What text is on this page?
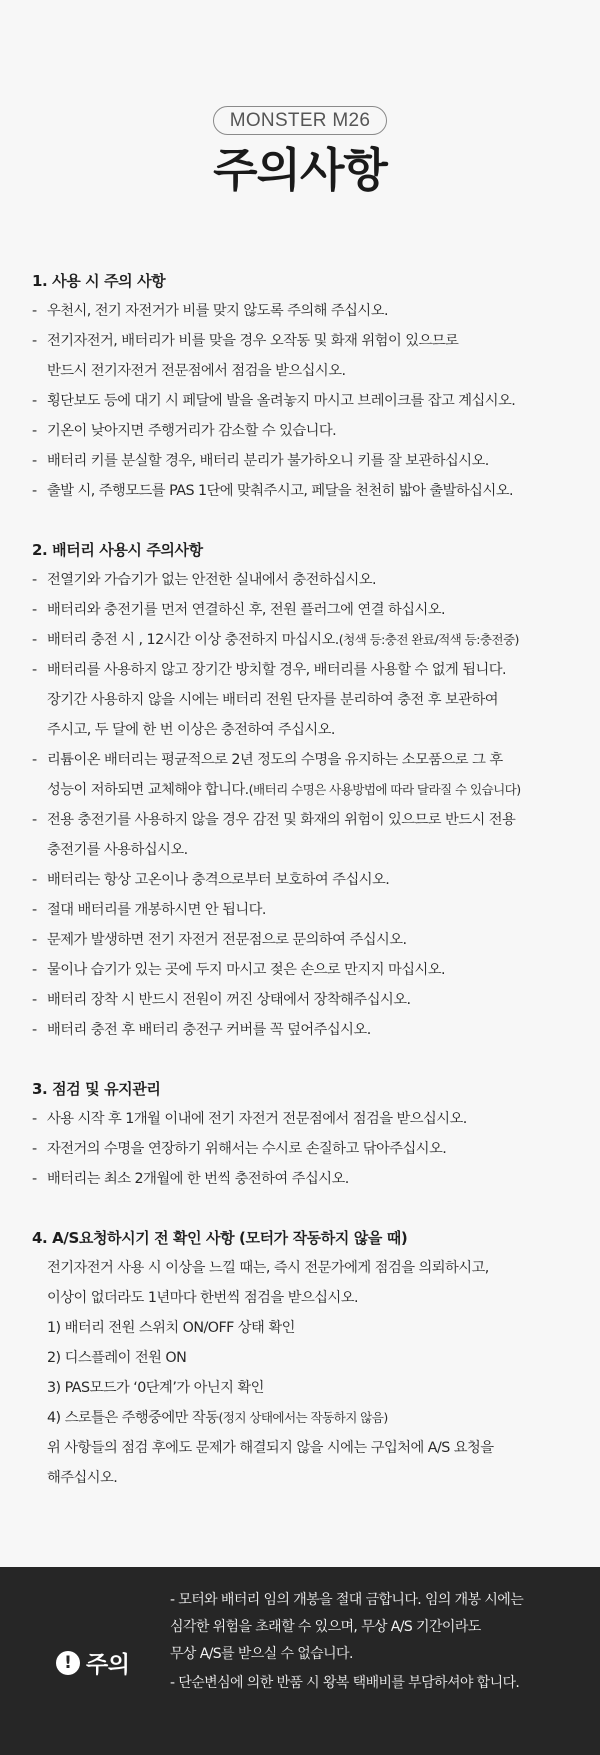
MONSTER M26
주의사항
1. 사용 시 주의 사항
- 우천시, 전기 자전거가 비를 맞지 않도록 주의해 주십시오.
- 전기자전거, 배터리가 비를 맞을 경우 오작동 및 화재 위험이 있으므로
반드시 전기자전거 전문점에서 점검을 받으십시오.
- 횡단보도 등에 대기 시 페달에 발을 올려놓지 마시고 브레이크를 잡고 계십시오.
- 기온이 낮아지면 주행거리가 감소할 수 있습니다.
- 배터리 키를 분실할 경우, 배터리 분리가 불가하오니 키를 잘 보관하십시오.
- 출발 시, 주행모드를 PAS 1단에 맞춰주시고, 페달을 천천히 밟아 출발하십시오.
2. 배터리 사용시 주의사항
- 전열기와 가습기가 없는 안전한 실내에서 충전하십시오.
- 배터리와 충전기를 먼저 연결하신 후, 전원 플러그에 연결 하십시오.
- 배터리 충전 시 , 12시간 이상 충전하지 마십시오.(청색 등:충전 완료/적색 등:충전중)
- 배터리를 사용하지 않고 장기간 방치할 경우, 배터리를 사용할 수 없게 됩니다.
장기간 사용하지 않을 시에는 배터리 전원 단자를 분리하여 충전 후 보관하여
주시고, 두 달에 한 번 이상은 충전하여 주십시오.
- 리튬이온 배터리는 평균적으로 2년 정도의 수명을 유지하는 소모품으로 그 후
성능이 저하되면 교체해야 합니다.(배터리 수명은 사용방법에 따라 달라질 수 있습니다)
- 전용 충전기를 사용하지 않을 경우 감전 및 화재의 위험이 있으므로 반드시 전용
충전기를 사용하십시오.
- 배터리는 항상 고온이나 충격으로부터 보호하여 주십시오.
- 절대 배터리를 개봉하시면 안 됩니다.
- 문제가 발생하면 전기 자전거 전문점으로 문의하여 주십시오.
- 물이나 습기가 있는 곳에 두지 마시고 젖은 손으로 만지지 마십시오.
- 배터리 장착 시 반드시 전원이 꺼진 상태에서 장착해주십시오.
- 배터리 충전 후 배터리 충전구 커버를 꼭 덮어주십시오.
3. 점검 및 유지관리
- 사용 시작 후 1개월 이내에 전기 자전거 전문점에서 점검을 받으십시오.
- 자전거의 수명을 연장하기 위해서는 수시로 손질하고 닦아주십시오.
- 배터리는 최소 2개월에 한 번씩 충전하여 주십시오.
4. A/S요청하시기 전 확인 사항 (모터가 작동하지 않을 때)
전기자전거 사용 시 이상을 느낄 때는, 즉시 전문가에게 점검을 의뢰하시고,
이상이 없더라도 1년마다 한번씩 점검을 받으십시오.
1) 배터리 전원 스위치 ON/OFF 상태 확인
2) 디스플레이 전원 ON
3) PAS모드가 ‘0단계’가 아닌지 확인
4) 스로틀은 주행중에만 작동(정지 상태에서는 작동하지 않음)
위 사항들의 점검 후에도 문제가 해결되지 않을 시에는 구입처에 A/S 요청을
해주십시오.
! 주의
- 모터와 배터리 임의 개봉을 절대 금합니다. 임의 개봉 시에는
심각한 위험을 초래할 수 있으며, 무상 A/S 기간이라도
무상 A/S를 받으실 수 없습니다.
- 단순변심에 의한 반품 시 왕복 택배비를 부담하셔야 합니다.
